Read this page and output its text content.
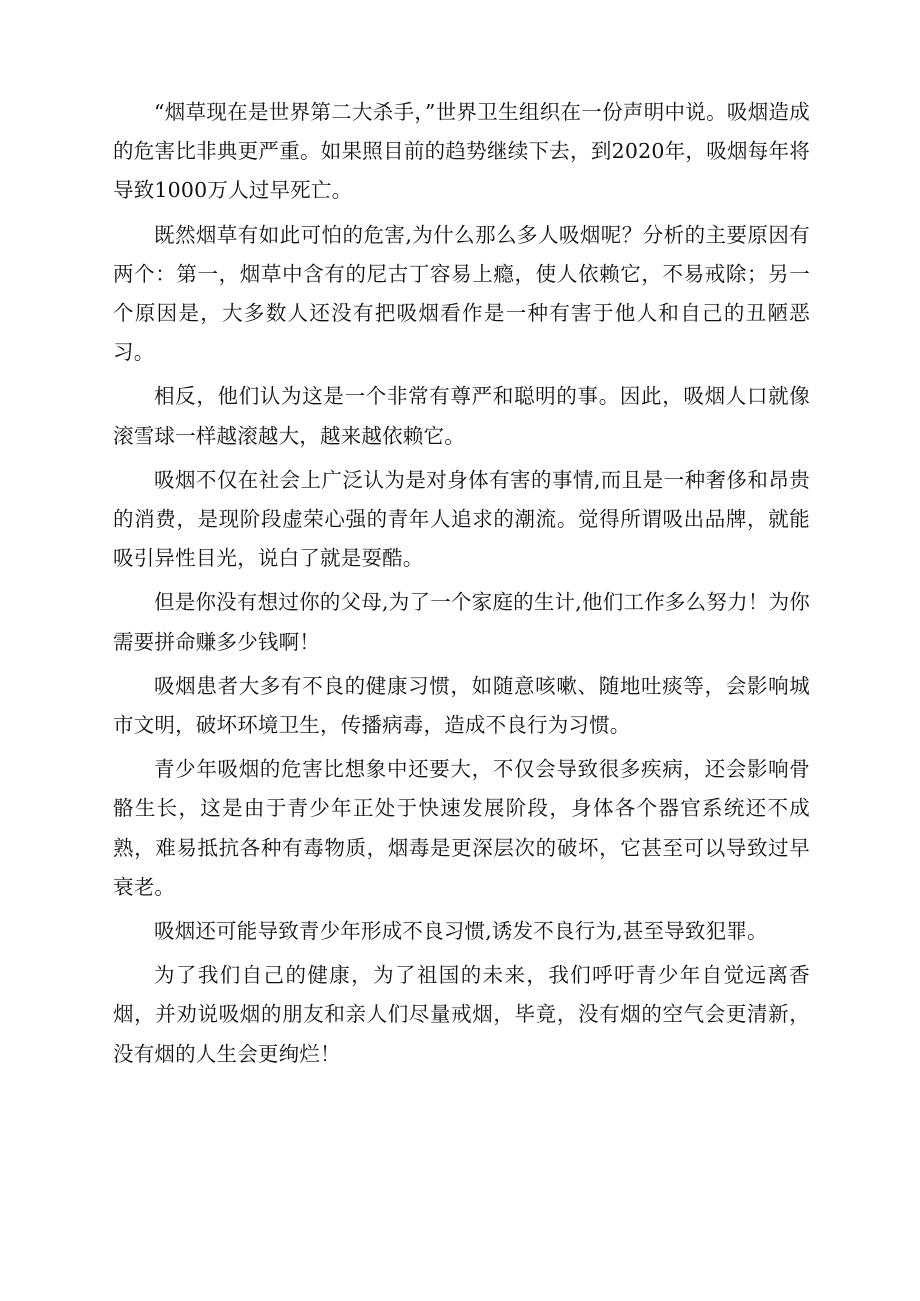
“烟草现在是世界第二大杀手，”世界卫生组织在一份声明中说。吸烟造成的危害比非典更严重。如果照目前的趋势继续下去，到2020年，吸烟每年将导致1000万人过早死亡。

既然烟草有如此可怕的危害,为什么那么多人吸烟呢？分析的主要原因有两个：第一，烟草中含有的尼古丁容易上瘾，使人依赖它，不易戒除；另一个原因是，大多数人还没有把吸烟看作是一种有害于他人和自己的丑陋恶习。

相反，他们认为这是一个非常有尊严和聪明的事。因此，吸烟人口就像滚雪球一样越滚越大，越来越依赖它。

吸烟不仅在社会上广泛认为是对身体有害的事情,而且是一种奢侈和昂贵的消费，是现阶段虚荣心强的青年人追求的潮流。觉得所谓吸出品牌，就能吸引异性目光，说白了就是耍酷。

但是你没有想过你的父母,为了一个家庭的生计,他们工作多么努力！为你需要拼命赚多少钱啊！

吸烟患者大多有不良的健康习惯，如随意咳嗽、随地吐痰等，会影响城市文明，破坏环境卫生，传播病毒，造成不良行为习惯。

青少年吸烟的危害比想象中还要大，不仅会导致很多疾病，还会影响骨骼生长，这是由于青少年正处于快速发展阶段，身体各个器官系统还不成熟，难易抵抗各种有毒物质，烟毒是更深层次的破坏，它甚至可以导致过早衰老。

吸烟还可能导致青少年形成不良习惯,诱发不良行为,甚至导致犯罪。

为了我们自己的健康，为了祖国的未来，我们呼吁青少年自觉远离香烟，并劝说吸烟的朋友和亲人们尽量戒烟，毕竟，没有烟的空气会更清新，没有烟的人生会更绚烂！
